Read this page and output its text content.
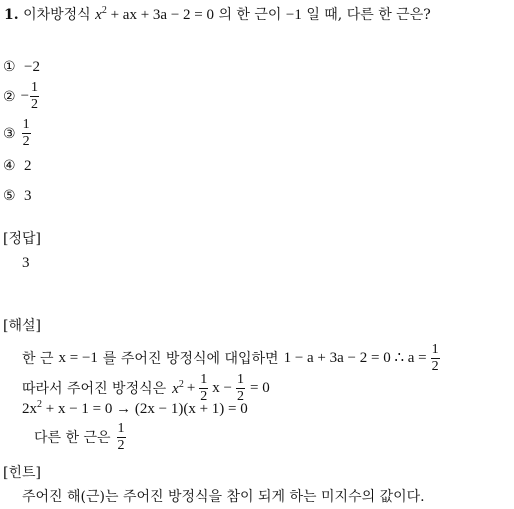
1. 이차방정식 $x^2$ + ax + 3a − 2 = 0 의 한 근이 −1 일 때, 다른 한 근은?
① −2
② − $\frac{1}{2}$
③ $\frac{1}{2}$
④ 2
⑤ 3
[정답]
3
[해설]
한 근 x = −1 를 주어진 방정식에 대입하면 1 − a + 3a − 2 = 0 ∴ $a = \frac{1}{2}$
따라서 주어진 방정식은 $x^2 + \frac{1}{2}$ $x - \frac{1}{2} = 0$
$2x^2 + x - 1 = 0 \to (2x - 1)(x + 1) = 0$
다른 한 근은 $\frac{1}{2}$
[힌트]
주어진 해(근)는 주어진 방정식을 참이 되게 하는 미지수의 값이다.
